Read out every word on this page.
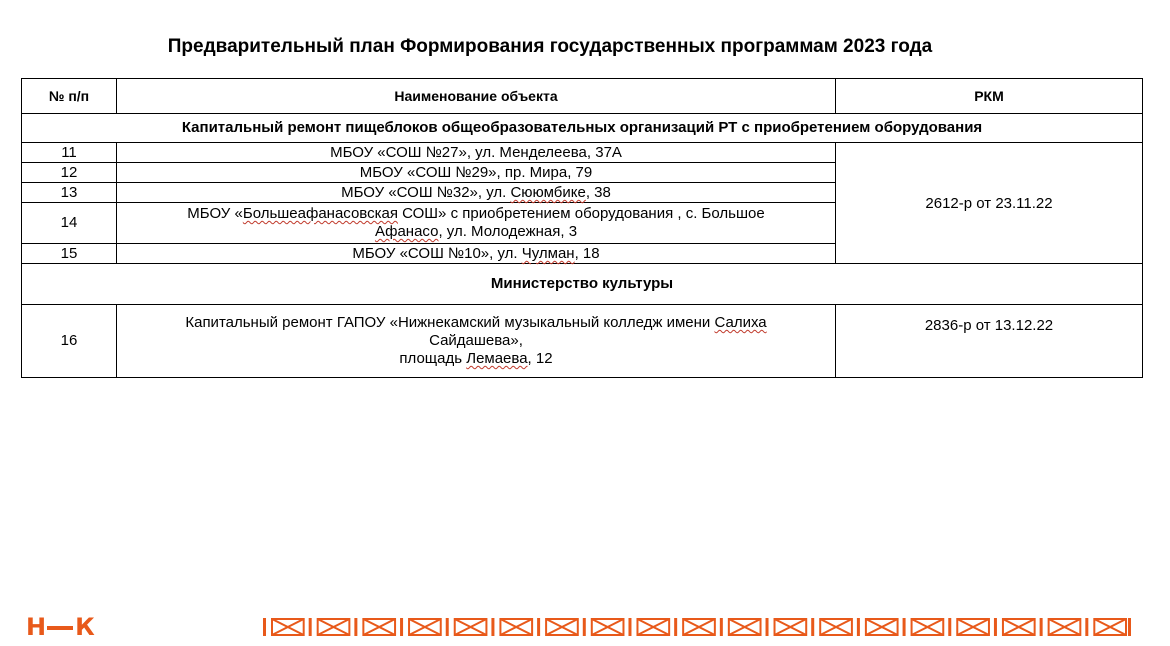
Предварительный план Формирования государственных программам 2023 года
№ п/п	Наименование объекта	РКМ
Капитальный ремонт пищеблоков общеобразовательных организаций РТ с приобретением оборудования		
11	МБОУ «СОШ №27», ул. Менделеева, 37А	2612-р от 23.11.22
12	МБОУ «СОШ №29», пр. Мира, 79	
13	МБОУ «СОШ №32», ул. Сююмбике, 38	
14	МБОУ «Большеафанасовская СОШ» с приобретением оборудования , с. Большое
Афанасо, ул. Молодежная, 3	
15	МБОУ «СОШ №10», ул. Чулман, 18	
Министерство культуры		
16	Капитальный ремонт ГАПОУ «Нижнекамский музыкальный колледж имени Салиха
Сайдашева»,
площадь Лемаева, 12	2836-р от 13.12.22
Н К
